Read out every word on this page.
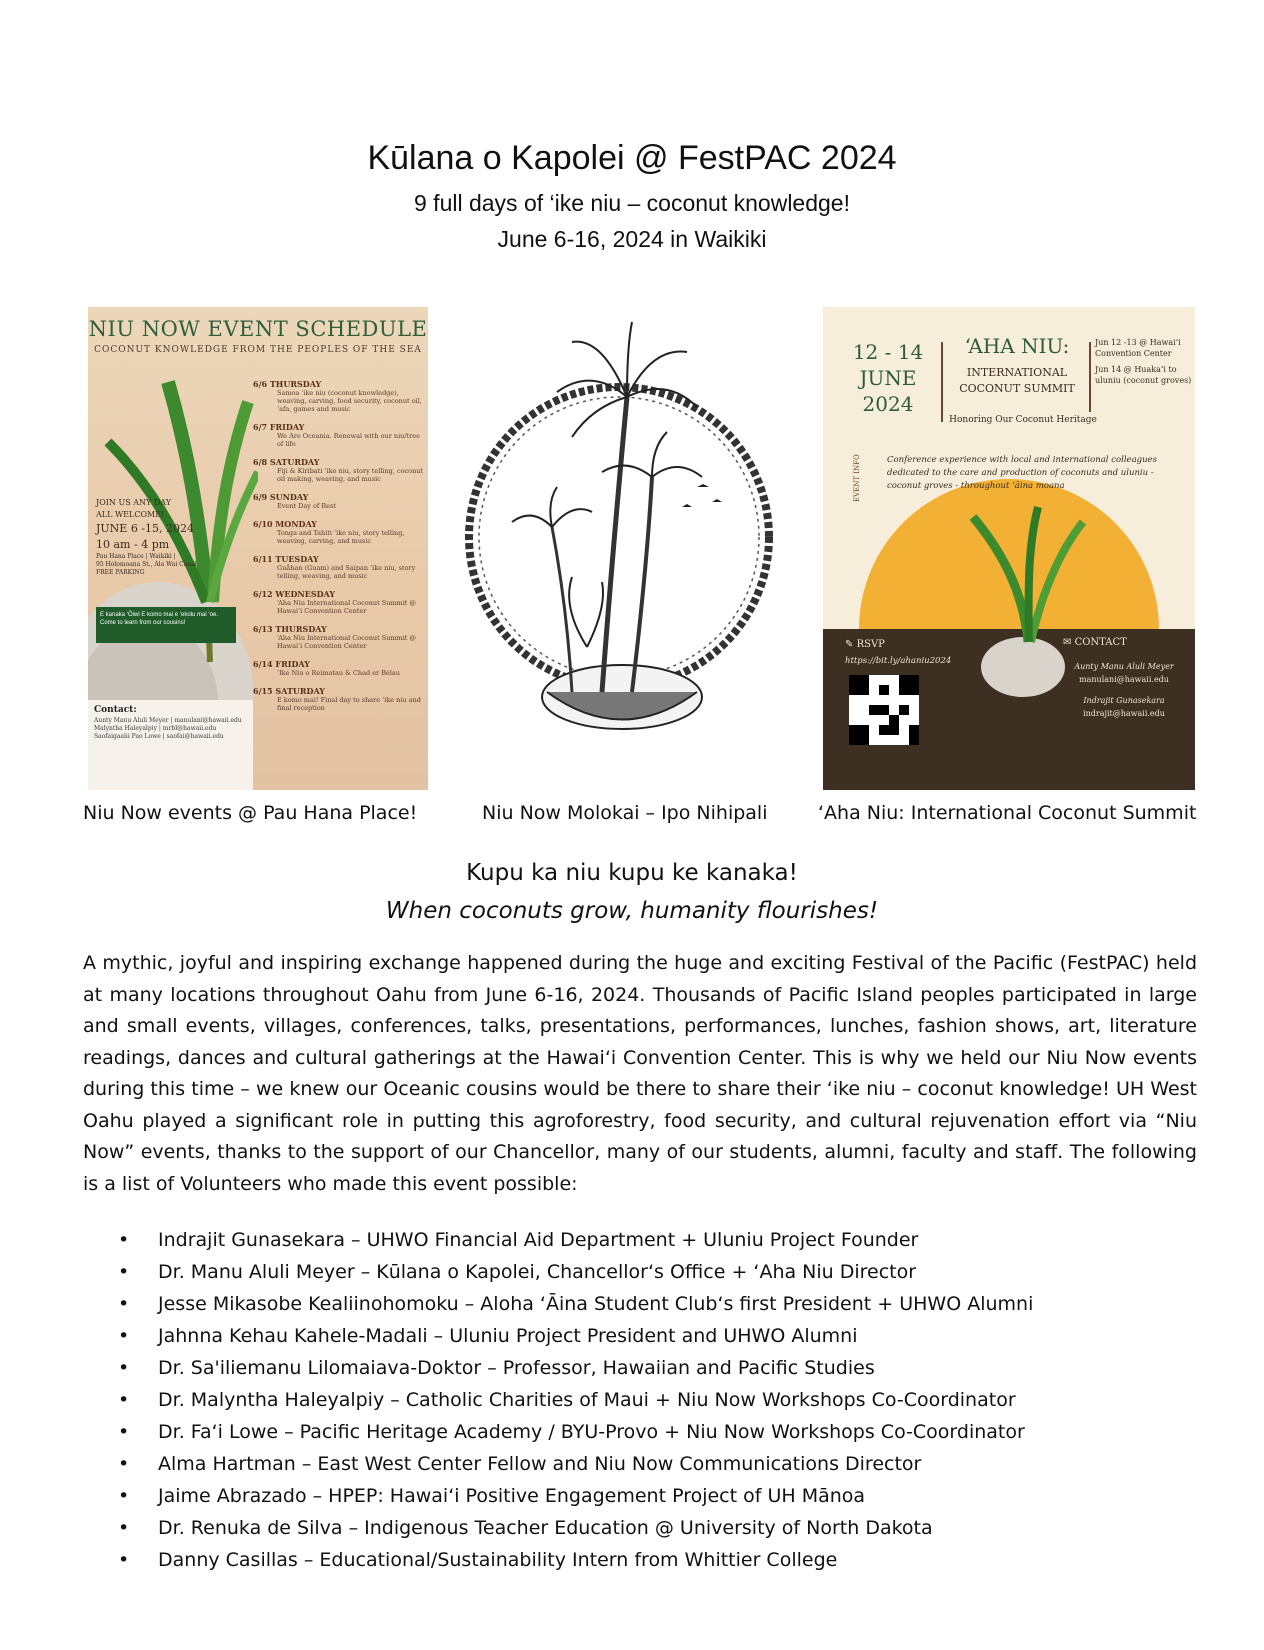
Kūlana o Kapolei @ FestPAC 2024
9 full days of ‘ike niu – coconut knowledge!
June 6-16, 2024 in Waikiki
NIU NOW EVENT SCHEDULE
COCONUT KNOWLEDGE FROM THE PEOPLES OF THE SEA
JOIN US ANY DAY
ALL WELCOME!
JUNE 6 -15, 2024
10 am - 4 pm
Pau Hana Place | Waikiki |
95 Holomoana St., Ala Wai Canal
FREE PARKING
E kanaka ‘Ōiwi E komo mai e ‘ekolu mai ‘oe. Come to learn from our cousins!
6/6 THURSDAY
Samoa ‘ike niu (coconut knowledge), weaving, carving, food security, coconut oil, ‘afa, games and music
6/7 FRIDAY
We Are Oceania. Renewal with our niu/tree of life
6/8 SATURDAY
Fiji & Kiribati ‘ike niu, story telling, coconut oil making, weaving, and music
6/9 SUNDAY
Event Day of Rest
6/10 MONDAY
Tonga and Tahiti ‘ike niu, story telling, weaving, carving, and music
6/11 TUESDAY
Guåhan (Guam) and Saipan ‘ike niu, story telling, weaving, and music
6/12 WEDNESDAY
‘Aha Niu International Coconut Summit @ Hawai‘i Convention Center
6/13 THURSDAY
‘Aha Niu International Coconut Summit @ Hawai‘i Convention Center
6/14 FRIDAY
‘Ike Niu o Reimatau & Chad er Belau
6/15 SATURDAY
E komo mai! Final day to share ‘ike niu and final reception
Contact:
Aunty Manu Aluli Meyer | manulani@hawaii.edu
Malyntha Haleyalpiy | mrbl@hawaii.edu
Saofaigaalii Pao Lowe | saofai@hawaii.edu
12 - 14
JUNE
2024
‘AHA NIU:
INTERNATIONAL
COCONUT SUMMIT
Jun 12 -13 @ Hawai‘i Convention Center
Jun 14 @ Huaka‘i to uluniu (coconut groves)
Honoring Our Coconut Heritage
EVENT INFO	Conference experience with local and international colleagues dedicated to the care and production of coconuts and uluniu - coconut groves - throughout ‘āina moana
✎ RSVP
https://bit.ly/ahaniu2024
✉ CONTACT
Aunty Manu Aluli Meyer
manulani@hawaii.edu
Indrajit Gunasekara
indrajit@hawaii.edu
Niu Now events @ Pau Hana Place!	Niu Now Molokai – Ipo Nihipali	‘Aha Niu: International Coconut Summit
Kupu ka niu kupu ke kanaka!
When coconuts grow, humanity flourishes!
A mythic, joyful and inspiring exchange happened during the huge and exciting Festival of the Pacific (FestPAC) held at many locations throughout Oahu from June 6-16, 2024. Thousands of Pacific Island peoples participated in large and small events, villages, conferences, talks, presentations, performances, lunches, fashion shows, art, literature readings, dances and cultural gatherings at the Hawai‘i Convention Center. This is why we held our Niu Now events during this time – we knew our Oceanic cousins would be there to share their ‘ike niu – coconut knowledge! UH West Oahu played a significant role in putting this agroforestry, food security, and cultural rejuvenation effort via “Niu Now” events, thanks to the support of our Chancellor, many of our students, alumni, faculty and staff. The following is a list of Volunteers who made this event possible:
• Indrajit Gunasekara – UHWO Financial Aid Department + Uluniu Project Founder
• Dr. Manu Aluli Meyer – Kūlana o Kapolei, Chancellor‘s Office + ‘Aha Niu Director
• Jesse Mikasobe Kealiinohomoku – Aloha ‘Āina Student Club‘s first President + UHWO Alumni
• Jahnna Kehau Kahele-Madali – Uluniu Project President and UHWO Alumni
• Dr. Sa'iliemanu Lilomaiava-Doktor – Professor, Hawaiian and Pacific Studies
• Dr. Malyntha Haleyalpiy – Catholic Charities of Maui + Niu Now Workshops Co-Coordinator
• Dr. Fa‘i Lowe – Pacific Heritage Academy / BYU-Provo + Niu Now Workshops Co-Coordinator
• Alma Hartman – East West Center Fellow and Niu Now Communications Director
• Jaime Abrazado – HPEP: Hawai‘i Positive Engagement Project of UH Mānoa
• Dr. Renuka de Silva – Indigenous Teacher Education @ University of North Dakota
• Danny Casillas – Educational/Sustainability Intern from Whittier College
